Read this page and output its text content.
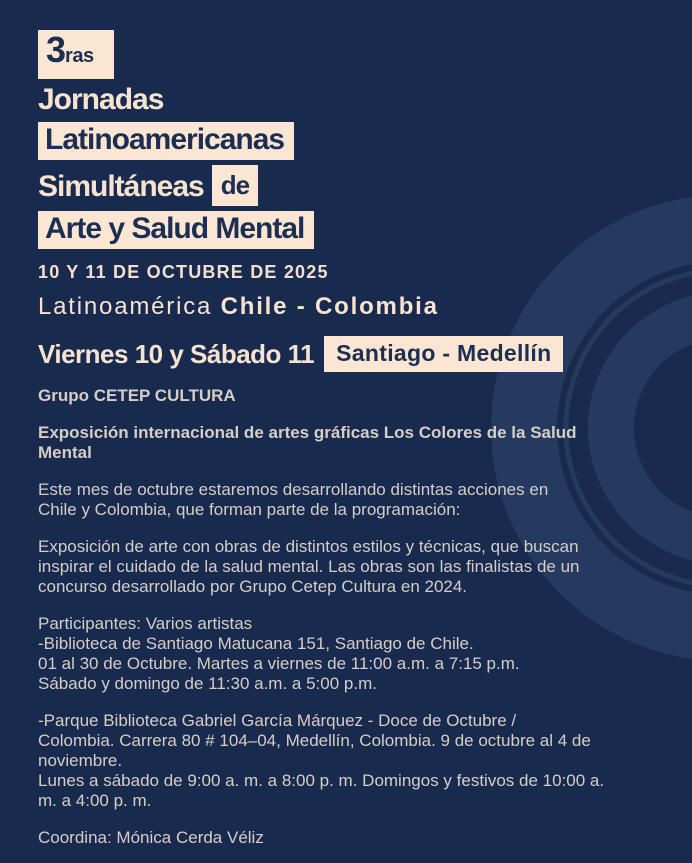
3ras
Jornadas
Latinoamericanas
Simultáneas de
Arte y Salud Mental
10 Y 11 DE OCTUBRE DE 2025
Latinoamérica Chile - Colombia
Viernes 10 y Sábado 11 Santiago - Medellín

Grupo CETEP CULTURA

Exposición internacional de artes gráficas Los Colores de la Salud
Mental
Este mes de octubre estaremos desarrollando distintas acciones en
Chile y Colombia, que forman parte de la programación:
Exposición de arte con obras de distintos estilos y técnicas, que buscan
inspirar el cuidado de la salud mental. Las obras son las finalistas de un
concurso desarrollado por Grupo Cetep Cultura en 2024.
Participantes: Varios artistas
-Biblioteca de Santiago Matucana 151, Santiago de Chile.
01 al 30 de Octubre. Martes a viernes de 11:00 a.m. a 7:15 p.m.
Sábado y domingo de 11:30 a.m. a 5:00 p.m.
-Parque Biblioteca Gabriel García Márquez - Doce de Octubre /
Colombia. Carrera 80 # 104–04, Medellín, Colombia. 9 de octubre al 4 de
noviembre.
Lunes a sábado de 9:00 a. m. a 8:00 p. m. Domingos y festivos de 10:00 a.
m. a 4:00 p. m.

Coordina: Mónica Cerda Véliz
